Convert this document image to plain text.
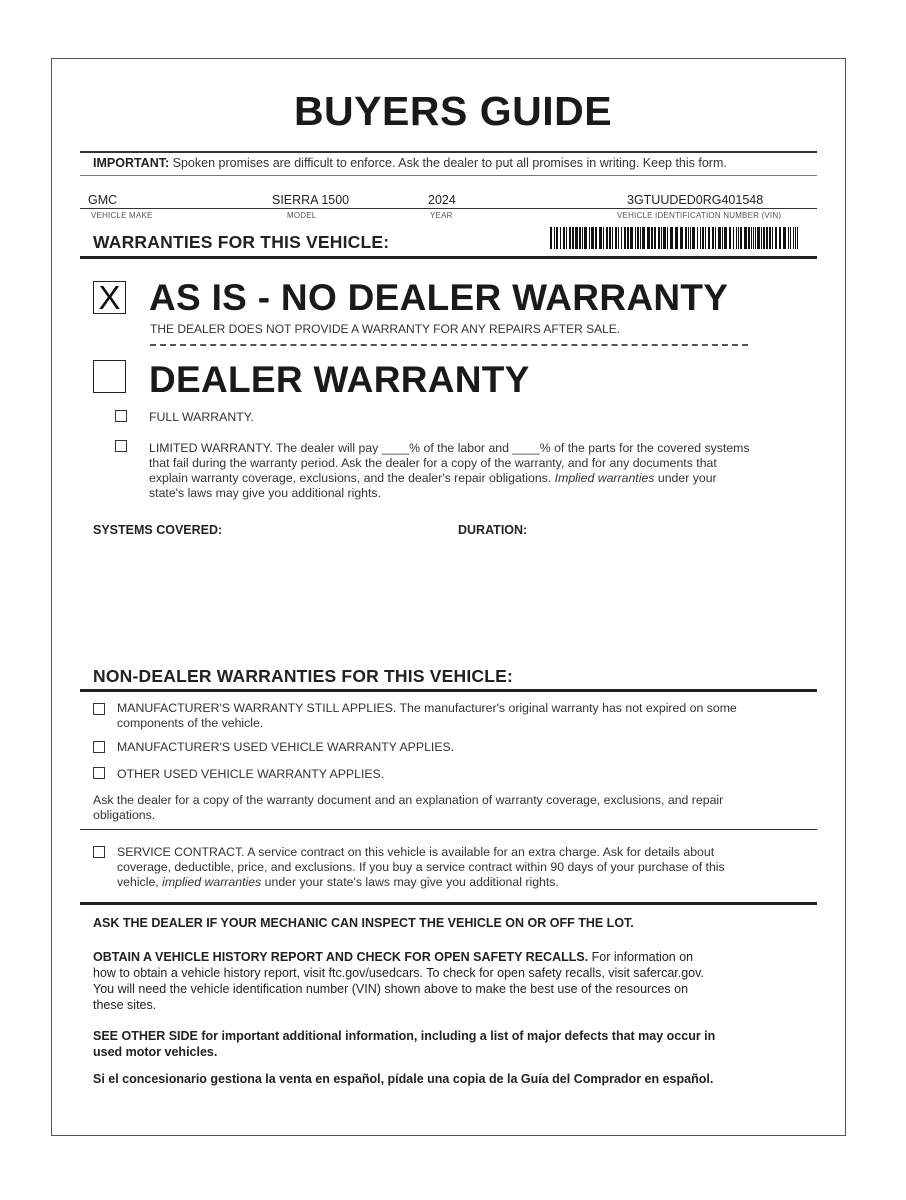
BUYERS GUIDE
IMPORTANT: Spoken promises are difficult to enforce. Ask the dealer to put all promises in writing. Keep this form.
GMC	SIERRA 1500	2024	3GTUUDED0RG401548
VEHICLE MAKE	MODEL	YEAR	VEHICLE IDENTIFICATION NUMBER (VIN)
WARRANTIES FOR THIS VEHICLE:
X AS IS - NO DEALER WARRANTY
THE DEALER DOES NOT PROVIDE A WARRANTY FOR ANY REPAIRS AFTER SALE.
DEALER WARRANTY
FULL WARRANTY.
LIMITED WARRANTY. The dealer will pay ____% of the labor and ____% of the parts for the covered systems
that fail during the warranty period. Ask the dealer for a copy of the warranty, and for any documents that
explain warranty coverage, exclusions, and the dealer's repair obligations. Implied warranties under your
state's laws may give you additional rights.
SYSTEMS COVERED:	DURATION:
NON-DEALER WARRANTIES FOR THIS VEHICLE:
MANUFACTURER'S WARRANTY STILL APPLIES. The manufacturer's original warranty has not expired on some
components of the vehicle.
MANUFACTURER'S USED VEHICLE WARRANTY APPLIES.
OTHER USED VEHICLE WARRANTY APPLIES.
Ask the dealer for a copy of the warranty document and an explanation of warranty coverage, exclusions, and repair
obligations.
SERVICE CONTRACT. A service contract on this vehicle is available for an extra charge. Ask for details about
coverage, deductible, price, and exclusions. If you buy a service contract within 90 days of your purchase of this
vehicle, implied warranties under your state's laws may give you additional rights.
ASK THE DEALER IF YOUR MECHANIC CAN INSPECT THE VEHICLE ON OR OFF THE LOT.
OBTAIN A VEHICLE HISTORY REPORT AND CHECK FOR OPEN SAFETY RECALLS. For information on
how to obtain a vehicle history report, visit ftc.gov/usedcars. To check for open safety recalls, visit safercar.gov.
You will need the vehicle identification number (VIN) shown above to make the best use of the resources on
these sites.
SEE OTHER SIDE for important additional information, including a list of major defects that may occur in
used motor vehicles.
Si el concesionario gestiona la venta en español, pídale una copia de la Guía del Comprador en español.
